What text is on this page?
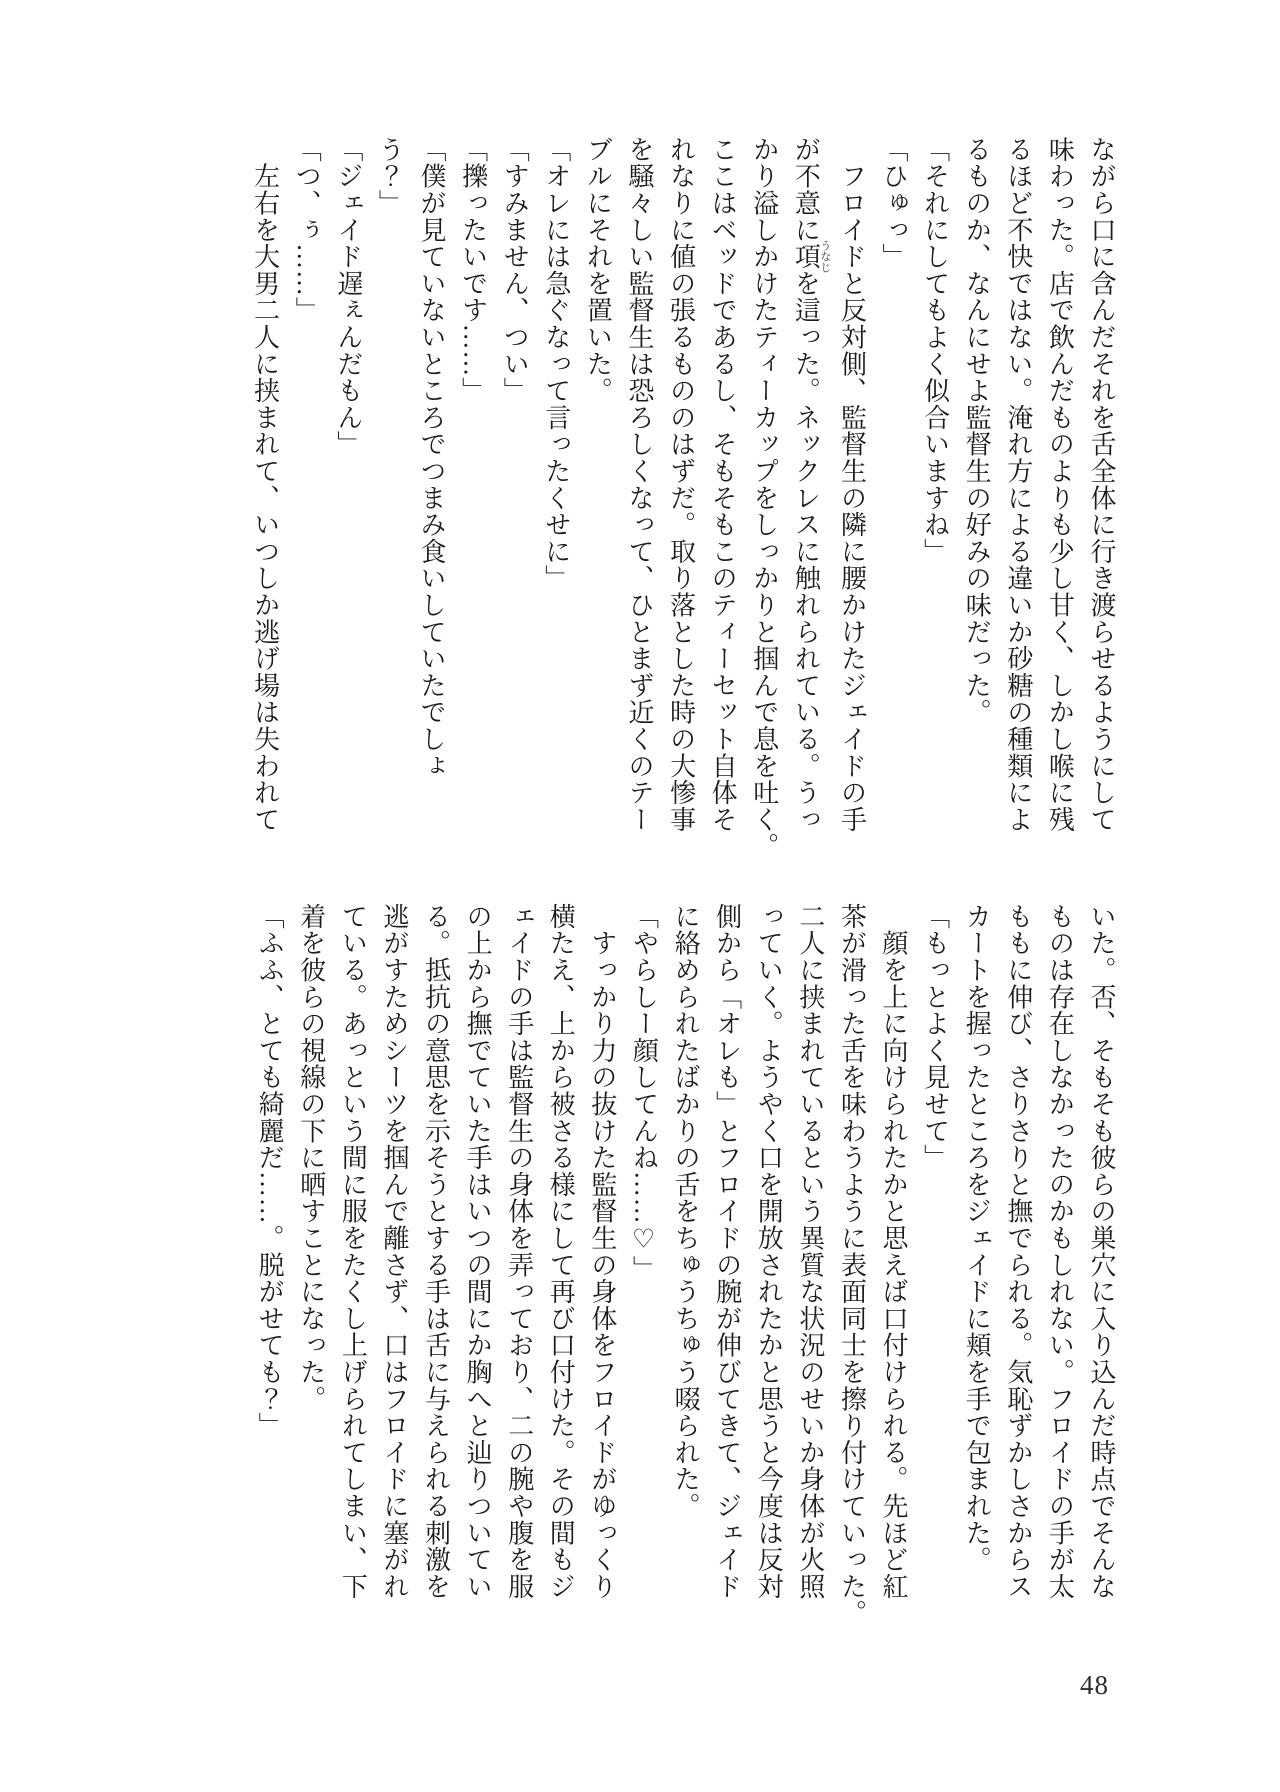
ながら口に含んだそれを舌全体に行き渡らせるようにして
味わった。店で飲んだものよりも少し甘く、しかし喉に残
るほど不快ではない。淹れ方による違いか砂糖の種類によ
るものか、なんにせよ監督生の好みの味だった。
「それにしてもよく似合いますね」
「ひゅっ」
　フロイドと反対側、監督生の隣に腰かけたジェイドの手
が不意に項うなじを這った。ネックレスに触れられている。うっ
かり溢しかけたティーカップをしっかりと掴んで息を吐く。
ここはベッドであるし、そもそもこのティーセット自体そ
れなりに値の張るもののはずだ。取り落とした時の大惨事
を騒々しい監督生は恐ろしくなって、ひとまず近くのテー
ブルにそれを置いた。
「オレには急ぐなって言ったくせに」
「すみません、つい」
「擽ったいです……」
「僕が見ていないところでつまみ食いしていたでしょ
う？」
「ジェイド遅ぇんだもん」
「つ、ぅ……」
　左右を大男二人に挟まれて、いつしか逃げ場は失われて
いた。否、そもそも彼らの巣穴に入り込んだ時点でそんな
ものは存在しなかったのかもしれない。フロイドの手が太
ももに伸び、さりさりと撫でられる。気恥ずかしさからス
カートを握ったところをジェイドに頬を手で包まれた。
「もっとよく見せて」
　顔を上に向けられたかと思えば口付けられる。先ほど紅
茶が滑った舌を味わうように表面同士を擦り付けていった。
二人に挟まれているという異質な状況のせいか身体が火照
っていく。ようやく口を開放されたかと思うと今度は反対
側から「オレも」とフロイドの腕が伸びてきて、ジェイド
に絡められたばかりの舌をちゅうちゅう啜られた。
「やらしー顔してんね……♡」
　すっかり力の抜けた監督生の身体をフロイドがゆっくり
横たえ、上から被さる様にして再び口付けた。その間もジ
ェイドの手は監督生の身体を弄っており、二の腕や腹を服
の上から撫でていた手はいつの間にか胸へと辿りついてい
る。抵抗の意思を示そうとする手は舌に与えられる刺激を
逃がすためシーツを掴んで離さず、口はフロイドに塞がれ
ている。あっという間に服をたくし上げられてしまい、下
着を彼らの視線の下に晒すことになった。
「ふふ、とても綺麗だ……。脱がせても？」
48
